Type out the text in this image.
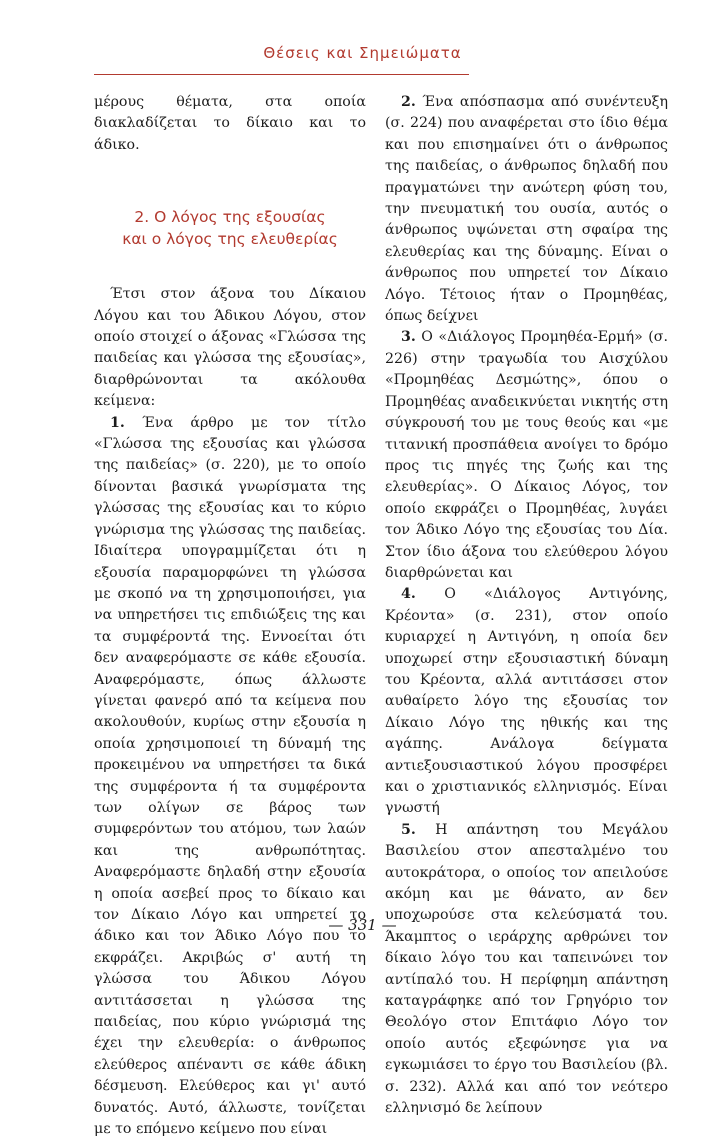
Θέσεις και Σημειώματα

μέρους θέματα, στα οποία διακλαδίζεται το δίκαιο και το άδικο.

2. Ο λόγος της εξουσίας
και ο λόγος της ελευθερίας

Έτσι στον άξονα του Δίκαιου Λόγου και του Άδικου Λόγου, στον οποίο στοιχεί ο άξονας «Γλώσσα της παιδείας και γλώσσα της εξουσίας», διαρθρώνονται τα ακόλουθα κείμενα:

1. Ένα άρθρο με τον τίτλο «Γλώσσα της εξουσίας και γλώσσα της παιδείας» (σ. 220), με το οποίο δίνονται βασικά γνωρίσματα της γλώσσας της εξουσίας και το κύριο γνώρισμα της γλώσσας της παιδείας. Ιδιαίτερα υπογραμμίζεται ότι η εξουσία παραμορφώνει τη γλώσσα με σκοπό να τη χρησιμοποιήσει, για να υπηρετήσει τις επιδιώξεις της και τα συμφέροντά της. Εννοείται ότι δεν αναφερόμαστε σε κάθε εξουσία. Αναφερόμαστε, όπως άλλωστε γίνεται φανερό από τα κείμενα που ακολουθούν, κυρίως στην εξουσία η οποία χρησιμοποιεί τη δύναμή της προκειμένου να υπηρετήσει τα δικά της συμφέροντα ή τα συμφέροντα των ολίγων σε βάρος των συμφερόντων του ατόμου, των λαών και της ανθρωπότητας. Αναφερόμαστε δηλαδή στην εξουσία η οποία ασεβεί προς το δίκαιο και τον Δίκαιο Λόγο και υπηρετεί το άδικο και τον Άδικο Λόγο που το εκφράζει. Ακριβώς σ' αυτή τη γλώσσα του Άδικου Λόγου αντιτάσσεται η γλώσσα της παιδείας, που κύριο γνώρισμά της έχει την ελευθερία: ο άνθρωπος ελεύθερος απέναντι σε κάθε άδικη δέσμευση. Ελεύθερος και γι' αυτό δυνατός. Αυτό, άλλωστε, τονίζεται με το επόμενο κείμενο που είναι

2. Ένα απόσπασμα από συνέντευξη (σ. 224) που αναφέρεται στο ίδιο θέμα και που επισημαίνει ότι ο άνθρωπος της παιδείας, ο άνθρωπος δηλαδή που πραγματώνει την ανώτερη φύση του, την πνευματική του ουσία, αυτός ο άνθρωπος υψώνεται στη σφαίρα της ελευθερίας και της δύναμης. Είναι ο άνθρωπος που υπηρετεί τον Δίκαιο Λόγο. Τέτοιος ήταν ο Προμηθέας, όπως δείχνει

3. Ο «Διάλογος Προμηθέα-Ερμή» (σ. 226) στην τραγωδία του Αισχύλου «Προμηθέας Δεσμώτης», όπου ο Προμηθέας αναδεικνύεται νικητής στη σύγκρουσή του με τους θεούς και «με τιτανική προσπάθεια ανοίγει το δρόμο προς τις πηγές της ζωής και της ελευθερίας». Ο Δίκαιος Λόγος, τον οποίο εκφράζει ο Προμηθέας, λυγάει τον Άδικο Λόγο της εξουσίας του Δία. Στον ίδιο άξονα του ελεύθερου λόγου διαρθρώνεται και

4. Ο «Διάλογος Αντιγόνης, Κρέοντα» (σ. 231), στον οποίο κυριαρχεί η Αντιγόνη, η οποία δεν υποχωρεί στην εξουσιαστική δύναμη του Κρέοντα, αλλά αντιτάσσει στον αυθαίρετο λόγο της εξουσίας τον Δίκαιο Λόγο της ηθικής και της αγάπης. Ανάλογα δείγματα αντιεξουσιαστικού λόγου προσφέρει και ο χριστιανικός ελληνισμός. Είναι γνωστή

5. Η απάντηση του Μεγάλου Βασιλείου στον απεσταλμένο του αυτοκράτορα, ο οποίος τον απειλούσε ακόμη και με θάνατο, αν δεν υποχωρούσε στα κελεύσματά του. Άκαμπτος ο ιεράρχης αρθρώνει τον δίκαιο λόγο του και ταπεινώνει τον αντίπαλό του. Η περίφημη απάντηση καταγράφηκε από τον Γρηγόριο τον Θεολόγο στον Επιτάφιο Λόγο τον οποίο αυτός εξεφώνησε για να εγκωμιάσει το έργο του Βασιλείου (βλ. σ. 232). Αλλά και από τον νεότερο ελληνισμό δε λείπουν

— 331 —
